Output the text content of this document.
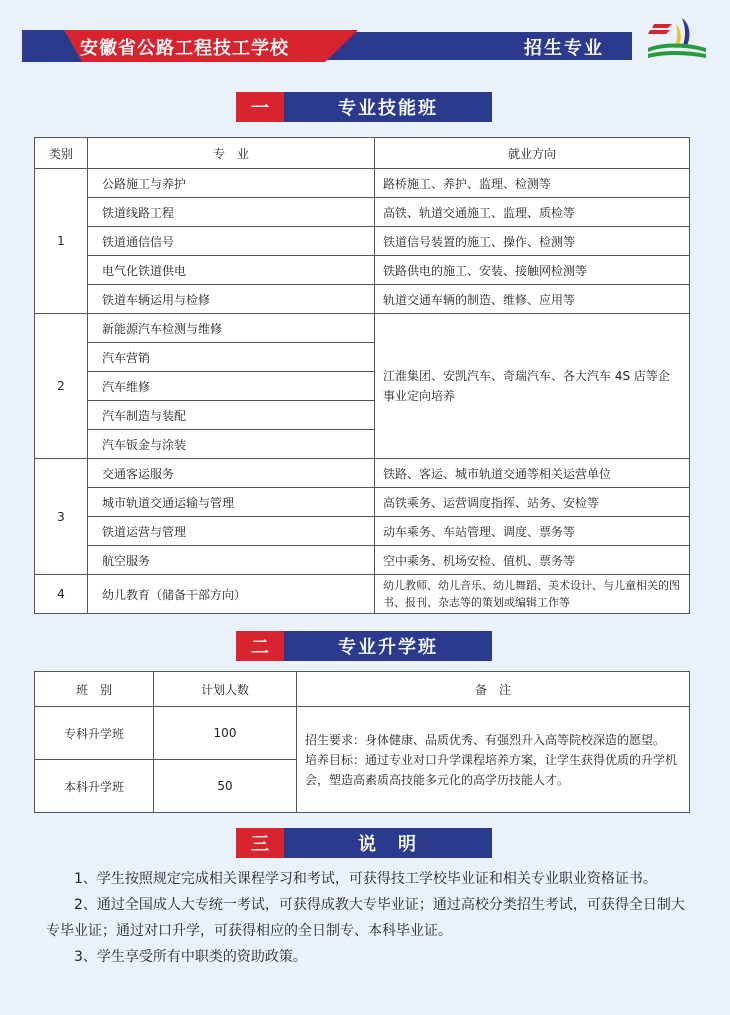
安徽省公路工程技工学校	招生专业
一	专业技能班
类别	专　业	就业方向
1	公路施工与养护	路桥施工、养护、监理、检测等
	铁道线路工程	高铁、轨道交通施工、监理、质检等
	铁道通信信号	铁道信号装置的施工、操作、检测等
	电气化铁道供电	铁路供电的施工、安装、接触网检测等
	铁道车辆运用与检修	轨道交通车辆的制造、维修、应用等
2	新能源汽车检测与维修	江淮集团、安凯汽车、奇瑞汽车、各大汽车 4S 店等企事业定向培养
	汽车营销	
	汽车维修	
	汽车制造与装配	
	汽车钣金与涂装	
3	交通客运服务	铁路、客运、城市轨道交通等相关运营单位
	城市轨道交通运输与管理	高铁乘务、运营调度指挥、站务、安检等
	铁道运营与管理	动车乘务、车站管理、调度、票务等
	航空服务	空中乘务、机场安检、值机、票务等
4	幼儿教育（储备干部方向）	幼儿教师、幼儿音乐、幼儿舞蹈、美术设计、与儿童相关的图书、报刊、杂志等的策划或编辑工作等
二	专业升学班
班　别	计划人数	备　注
专科升学班	100	招生要求：身体健康、品质优秀、有强烈升入高等院校深造的愿望。
培养目标：通过专业对口升学课程培养方案，让学生获得优质的升学机会，塑造高素质高技能多元化的高学历技能人才。

本科升学班	50	
三	说　明

1、学生按照规定完成相关课程学习和考试，可获得技工学校毕业证和相关专业职业资格证书。

2、通过全国成人大专统一考试，可获得成教大专毕业证；通过高校分类招生考试，可获得全日制大专毕业证；通过对口升学，可获得相应的全日制专、本科毕业证。

3、学生享受所有中职类的资助政策。
